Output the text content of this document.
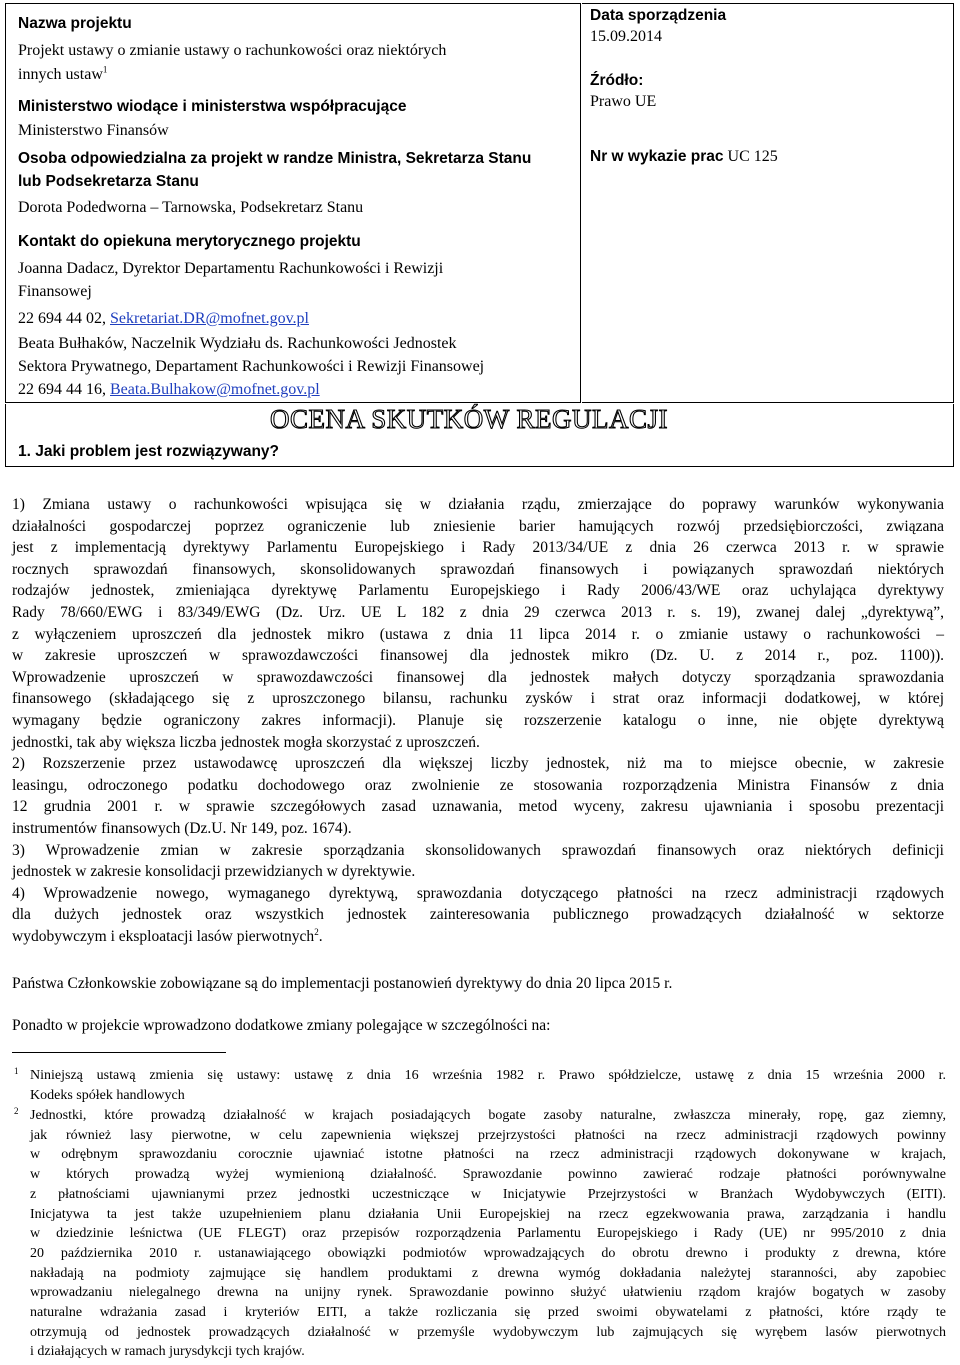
Nazwa projektu
Projekt ustawy o zmianie ustawy o rachunkowości oraz niektórych
innych ustaw$^1$
Ministerstwo wiodące i ministerstwa współpracujące
Ministerstwo Finansów
Osoba odpowiedzialna za projekt w randze Ministra, Sekretarza Stanu
lub Podsekretarza Stanu
Dorota Podedworna – Tarnowska, Podsekretarz Stanu
Kontakt do opiekuna merytorycznego projektu
Joanna Dadacz, Dyrektor Departamentu Rachunkowości i Rewizji
Finansowej
22 694 44 02, Sekretariat.DR@mofnet.gov.pl
Beata Bułhaków, Naczelnik Wydziału ds. Rachunkowości Jednostek
Sektora Prywatnego, Departament Rachunkowości i Rewizji Finansowej
22 694 44 16, Beata.Bulhakow@mofnet.gov.pl
Data sporządzenia
15.09.2014
Źródło:
Prawo UE
Nr w wykazie prac UC 125
1. Jaki problem jest rozwiązywany?
OCENA SKUTKÓW REGULACJI
1) Zmiana ustawy o rachunkowości wpisująca się w działania rządu, zmierzające do poprawy warunków wykonywania
działalności gospodarczej poprzez ograniczenie lub zniesienie barier hamujących rozwój przedsiębiorczości, związana
jest z implementacją dyrektywy Parlamentu Europejskiego i Rady 2013/34/UE z dnia 26 czerwca 2013 r. w sprawie
rocznych sprawozdań finansowych, skonsolidowanych sprawozdań finansowych i powiązanych sprawozdań niektórych
rodzajów jednostek, zmieniająca dyrektywę Parlamentu Europejskiego i Rady 2006/43/WE oraz uchylająca dyrektywy
Rady 78/660/EWG i 83/349/EWG (Dz. Urz. UE L 182 z dnia 29 czerwca 2013 r. s. 19), zwanej dalej „dyrektywą”,
z wyłączeniem uproszczeń dla jednostek mikro (ustawa z dnia 11 lipca 2014 r. o zmianie ustawy o rachunkowości –
w zakresie uproszczeń w sprawozdawczości finansowej dla jednostek mikro (Dz. U. z 2014 r., poz. 1100)).
Wprowadzenie uproszczeń w sprawozdawczości finansowej dla jednostek małych dotyczy sporządzania sprawozdania
finansowego (składającego się z uproszczonego bilansu, rachunku zysków i strat oraz informacji dodatkowej, w której
wymagany będzie ograniczony zakres informacji). Planuje się rozszerzenie katalogu o inne, nie objęte dyrektywą
jednostki, tak aby większa liczba jednostek mogła skorzystać z uproszczeń.
2) Rozszerzenie przez ustawodawcę uproszczeń dla większej liczby jednostek, niż ma to miejsce obecnie, w zakresie
leasingu, odroczonego podatku dochodowego oraz zwolnienie ze stosowania rozporządzenia Ministra Finansów z dnia
12 grudnia 2001 r. w sprawie szczegółowych zasad uznawania, metod wyceny, zakresu ujawniania i sposobu prezentacji
instrumentów finansowych (Dz.U. Nr 149, poz. 1674).
3) Wprowadzenie zmian w zakresie sporządzania skonsolidowanych sprawozdań finansowych oraz niektórych definicji
jednostek w zakresie konsolidacji przewidzianych w dyrektywie.
4) Wprowadzenie nowego, wymaganego dyrektywą, sprawozdania dotyczącego płatności na rzecz administracji rządowych
dla dużych jednostek oraz wszystkich jednostek zainteresowania publicznego prowadzących działalność w sektorze
wydobywczym i eksploatacji lasów pierwotnych$^2$.
Państwa Członkowskie zobowiązane są do implementacji postanowień dyrektywy do dnia 20 lipca 2015 r.
Ponadto w projekcie wprowadzono dodatkowe zmiany polegające w szczególności na:
1 Niniejszą ustawą zmienia się ustawy: ustawę z dnia 16 września 1982 r. Prawo spółdzielcze, ustawę z dnia 15 września 2000 r.
Kodeks spółek handlowych
2 Jednostki, które prowadzą działalność w krajach posiadających bogate zasoby naturalne, zwłaszcza minerały, ropę, gaz ziemny,
jak również lasy pierwotne, w celu zapewnienia większej przejrzystości płatności na rzecz administracji rządowych powinny
w odrębnym sprawozdaniu corocznie ujawniać istotne płatności na rzecz administracji rządowych dokonywane w krajach,
w których prowadzą wyżej wymienioną działalność. Sprawozdanie powinno zawierać rodzaje płatności porównywalne
z płatnościami ujawnianymi przez jednostki uczestniczące w Inicjatywie Przejrzystości w Branżach Wydobywczych (EITI).
Inicjatywa ta jest także uzupełnieniem planu działania Unii Europejskiej na rzecz egzekwowania prawa, zarządzania i handlu
w dziedzinie leśnictwa (UE FLEGT) oraz przepisów rozporządzenia Parlamentu Europejskiego i Rady (UE) nr 995/2010 z dnia
20 października 2010 r. ustanawiającego obowiązki podmiotów wprowadzających do obrotu drewno i produkty z drewna, które
nakładają na podmioty zajmujące się handlem produktami z drewna wymóg dokładania należytej staranności, aby zapobiec
wprowadzaniu nielegalnego drewna na unijny rynek. Sprawozdanie powinno służyć ułatwieniu rządom krajów bogatych w zasoby
naturalne wdrażania zasad i kryteriów EITI, a także rozliczania się przed swoimi obywatelami z płatności, które rządy te
otrzymują od jednostek prowadzących działalność w przemyśle wydobywczym lub zajmujących się wyrębem lasów pierwotnych
i działających w ramach jurysdykcji tych krajów.
